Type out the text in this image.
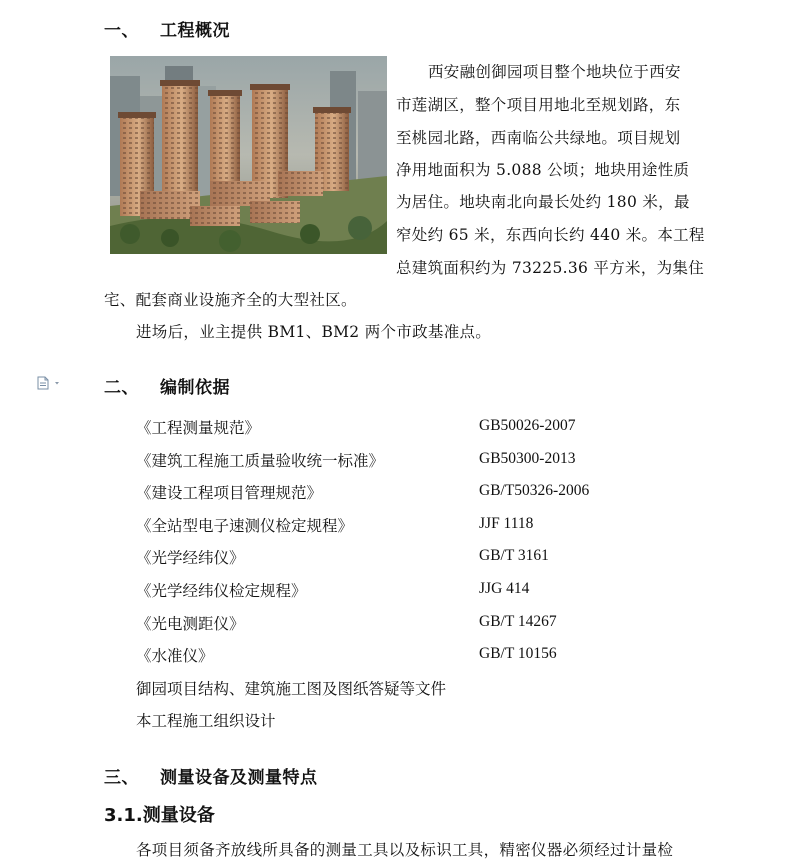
一、 工程概况
西安融创御园项目整个地块位于西安
市莲湖区，整个项目用地北至规划路，东
至桃园北路，西南临公共绿地。项目规划
净用地面积为 5.088 公顷；地块用途性质
为居住。地块南北向最长处约 180 米，最
窄处约 65 米，东西向长约 440 米。本工程
总建筑面积约为 73225.36 平方米，为集住
宅、配套商业设施齐全的大型社区。
进场后，业主提供 BM1、BM2 两个市政基准点。
二、 编制依据
《工程测量规范》	GB50026-2007
《建筑工程施工质量验收统一标准》	GB50300-2013
《建设工程项目管理规范》	GB/T50326-2006
《全站型电子速测仪检定规程》	JJF 1118
《光学经纬仪》	GB/T 3161
《光学经纬仪检定规程》	JJG 414
《光电测距仪》	GB/T 14267
《水准仪》	GB/T 10156
御园项目结构、建筑施工图及图纸答疑等文件
本工程施工组织设计
三、 测量设备及测量特点
3.1.测量设备
各项目须备齐放线所具备的测量工具以及标识工具，精密仪器必须经过计量检
